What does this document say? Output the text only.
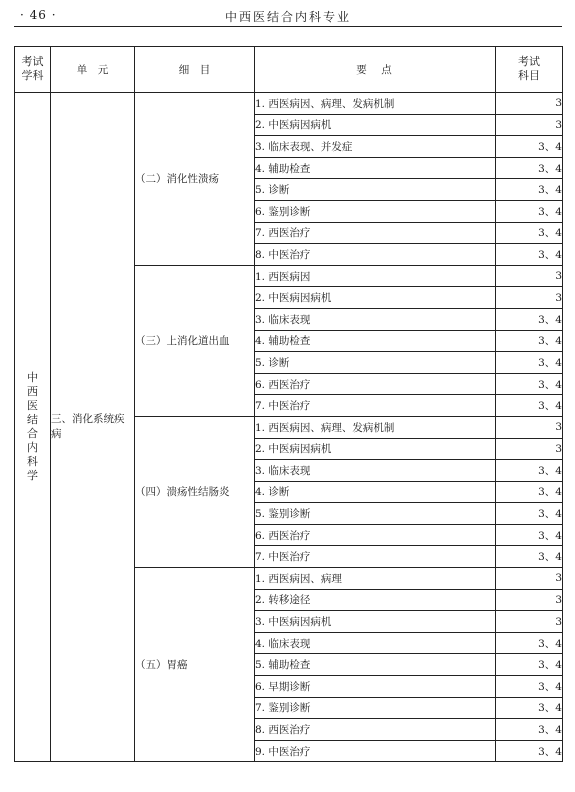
· 46 ·	中西医结合内科专业
考试学科	单　元	细　目	要　点	考试科目
中西医结合内科学	三、消化系统疾病	（二）消化性溃疡	1. 西医病因、病理、发病机制	3
			2. 中医病因病机	3
			3. 临床表现、并发症	3、4
			4. 辅助检查	3、4
			5. 诊断	3、4
			6. 鉴别诊断	3、4
			7. 西医治疗	3、4
			8. 中医治疗	3、4
		（三）上消化道出血	1. 西医病因	3
			2. 中医病因病机	3
			3. 临床表现	3、4
			4. 辅助检查	3、4
			5. 诊断	3、4
			6. 西医治疗	3、4
			7. 中医治疗	3、4
		（四）溃疡性结肠炎	1. 西医病因、病理、发病机制	3
			2. 中医病因病机	3
			3. 临床表现	3、4
			4. 诊断	3、4
			5. 鉴别诊断	3、4
			6. 西医治疗	3、4
			7. 中医治疗	3、4
		（五）胃癌	1. 西医病因、病理	3
			2. 转移途径	3
			3. 中医病因病机	3
			4. 临床表现	3、4
			5. 辅助检查	3、4
			6. 早期诊断	3、4
			7. 鉴别诊断	3、4
			8. 西医治疗	3、4
			9. 中医治疗	3、4
